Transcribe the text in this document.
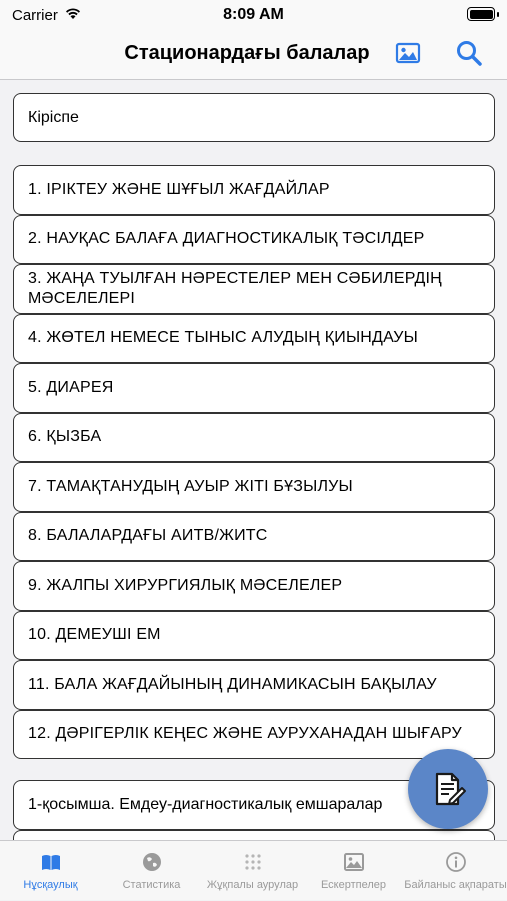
Carrier	8:09 AM
Стационардағы балалар
Кіріспе
1. ІРІКТЕУ ЖӘНЕ ШҰҒЫЛ ЖАҒДАЙЛАР
2. НАУҚАС БАЛАҒА ДИАГНОСТИКАЛЫҚ ТӘСІЛДЕР
3. ЖАҢА ТУЫЛҒАН НӘРЕСТЕЛЕР МЕН СӘБИЛЕРДІҢ МӘСЕЛЕЛЕРІ
4. ЖӨТЕЛ НЕМЕСЕ ТЫНЫС АЛУДЫҢ ҚИЫНДАУЫ
5. ДИАРЕЯ
6. ҚЫЗБА
7. ТАМАҚТАНУДЫҢ АУЫР ЖІТІ БҰЗЫЛУЫ
8. БАЛАЛАРДАҒЫ АИТВ/ЖИТС
9. ЖАЛПЫ ХИРУРГИЯЛЫҚ МӘСЕЛЕЛЕР
10. ДЕМЕУШІ ЕМ
11. БАЛА ЖАҒДАЙЫНЫҢ ДИНАМИКАСЫН БАҚЫЛАУ
12. ДӘРІГЕРЛІК КЕҢЕС ЖӘНЕ АУРУХАНАДАН ШЫҒАРУ
1-қосымша. Емдеу-диагностикалық емшаралар
Нұсқаулық	Статистика	Жұқпалы аурулар	Ескертпелер	Байланыс ақпараты
